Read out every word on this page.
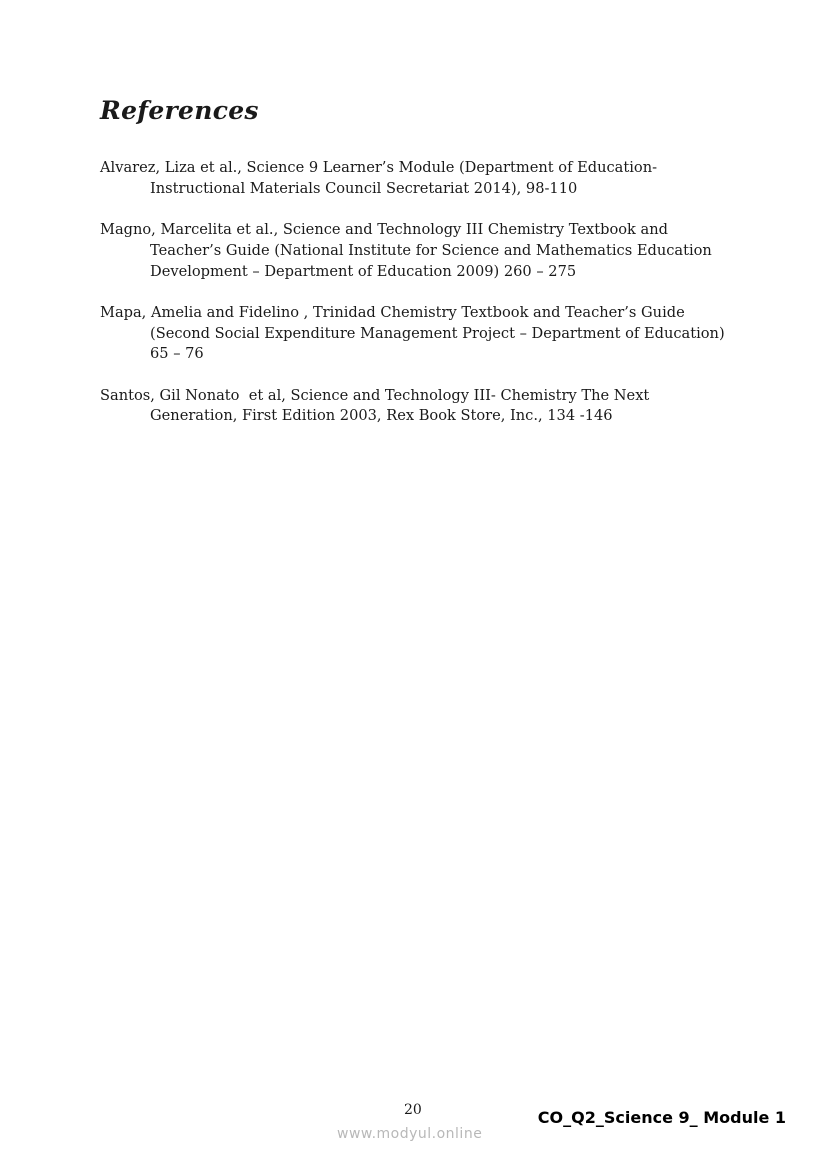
References
Alvarez, Liza et al., Science 9 Learner’s Module (Department of Education-
Instructional Materials Council Secretariat 2014), 98-110
Magno, Marcelita et al., Science and Technology III Chemistry Textbook and
Teacher’s Guide (National Institute for Science and Mathematics Education
Development – Department of Education 2009) 260 – 275
Mapa, Amelia and Fidelino , Trinidad Chemistry Textbook and Teacher’s Guide
(Second Social Expenditure Management Project – Department of Education)
65 – 76
Santos, Gil Nonato  et al, Science and Technology III- Chemistry The Next
Generation, First Edition 2003, Rex Book Store, Inc., 134 -146
20	CO_Q2_Science 9_ Module 1
www.modyul.online
